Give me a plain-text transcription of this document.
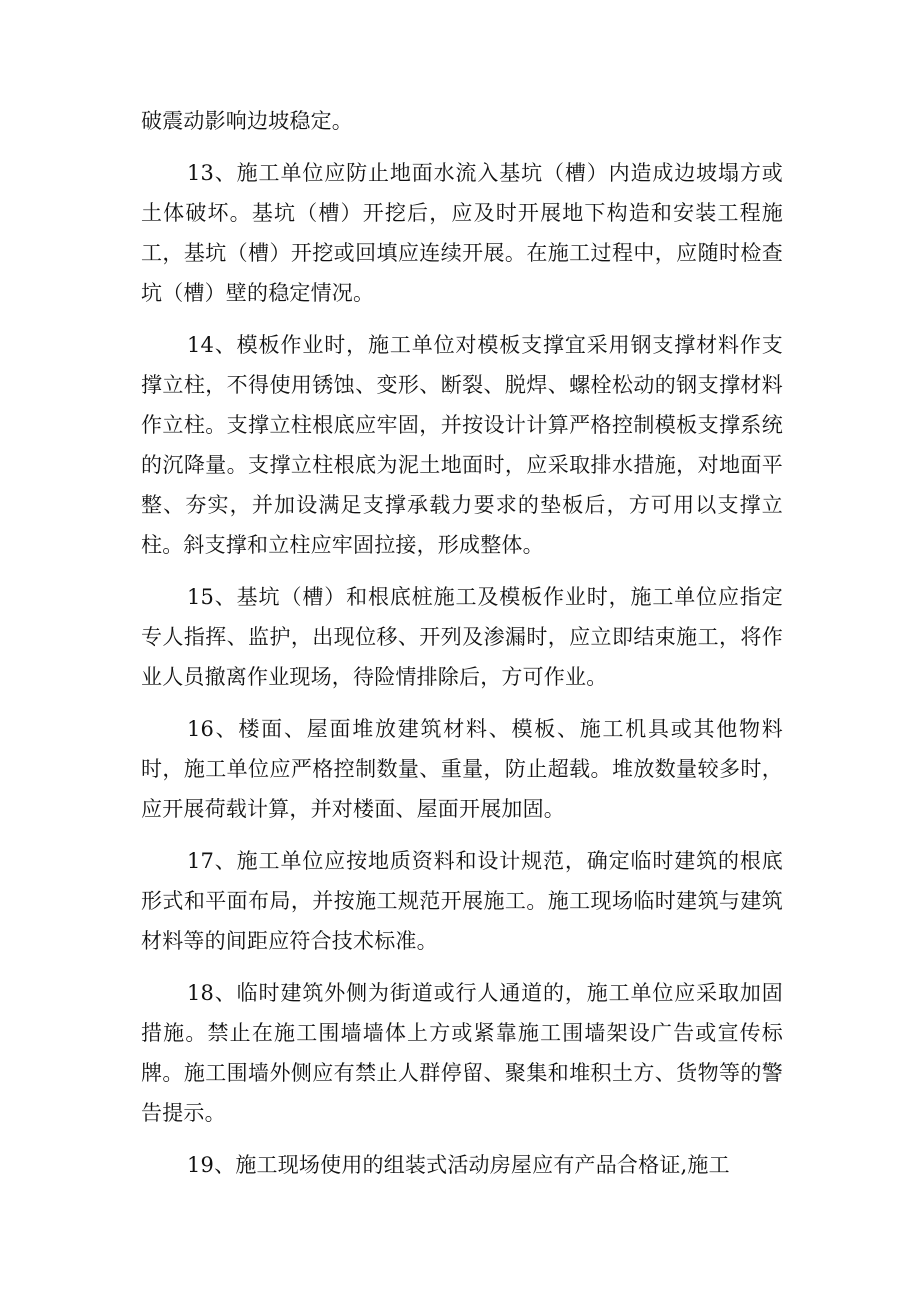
破震动影响边坡稳定。

13、施工单位应防止地面水流入基坑（槽）内造成边坡塌方或土体破坏。基坑（槽）开挖后，应及时开展地下构造和安装工程施工，基坑（槽）开挖或回填应连续开展。在施工过程中，应随时检查坑（槽）壁的稳定情况。

14、模板作业时，施工单位对模板支撑宜采用钢支撑材料作支撑立柱，不得使用锈蚀、变形、断裂、脱焊、螺栓松动的钢支撑材料作立柱。支撑立柱根底应牢固，并按设计计算严格控制模板支撑系统的沉降量。支撑立柱根底为泥土地面时，应采取排水措施，对地面平整、夯实，并加设满足支撑承载力要求的垫板后，方可用以支撑立柱。斜支撑和立柱应牢固拉接，形成整体。

15、基坑（槽）和根底桩施工及模板作业时，施工单位应指定专人指挥、监护，出现位移、开列及渗漏时，应立即结束施工，将作业人员撤离作业现场，待险情排除后，方可作业。

16、楼面、屋面堆放建筑材料、模板、施工机具或其他物料时，施工单位应严格控制数量、重量，防止超载。堆放数量较多时，应开展荷载计算，并对楼面、屋面开展加固。

17、施工单位应按地质资料和设计规范，确定临时建筑的根底形式和平面布局，并按施工规范开展施工。施工现场临时建筑与建筑材料等的间距应符合技术标准。

18、临时建筑外侧为街道或行人通道的，施工单位应采取加固措施。禁止在施工围墙墙体上方或紧靠施工围墙架设广告或宣传标牌。施工围墙外侧应有禁止人群停留、聚集和堆积土方、货物等的警告提示。

19、施工现场使用的组装式活动房屋应有产品合格证,施工
